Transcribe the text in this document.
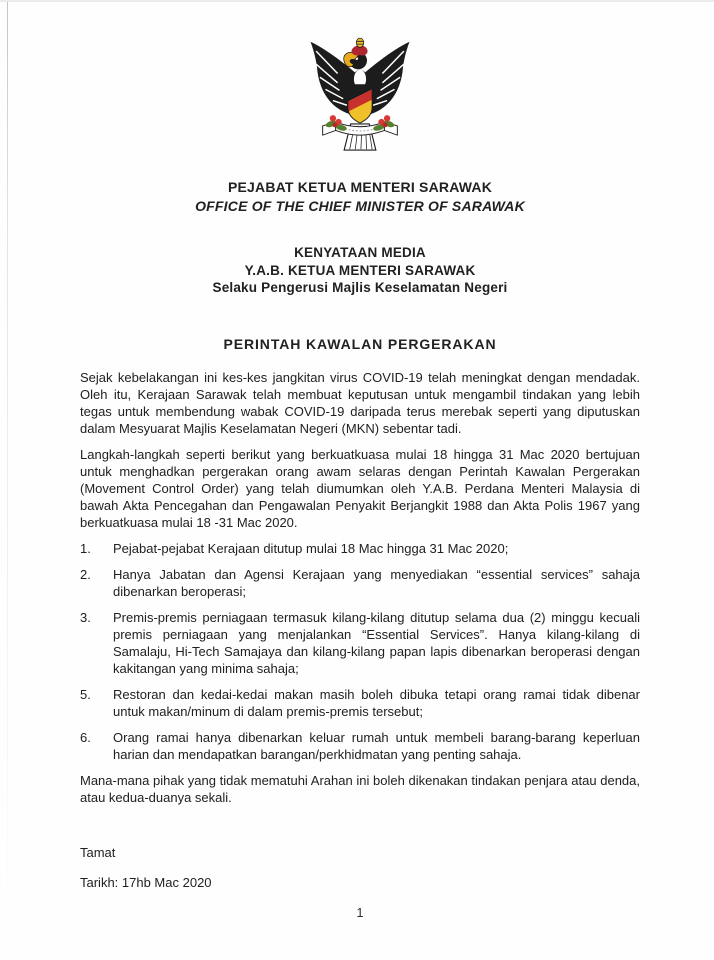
PEJABAT KETUA MENTERI SARAWAK
OFFICE OF THE CHIEF MINISTER OF SARAWAK
KENYATAAN MEDIA
Y.A.B. KETUA MENTERI SARAWAK
Selaku Pengerusi Majlis Keselamatan Negeri
PERINTAH KAWALAN PERGERAKAN

Sejak kebelakangan ini kes-kes jangkitan virus COVID-19 telah meningkat dengan mendadak. Oleh itu, Kerajaan Sarawak telah membuat keputusan untuk mengambil tindakan yang lebih tegas untuk membendung wabak COVID-19 daripada terus merebak seperti yang diputuskan dalam Mesyuarat Majlis Keselamatan Negeri (MKN) sebentar tadi.

Langkah-langkah seperti berikut yang berkuatkuasa mulai 18 hingga 31 Mac 2020 bertujuan untuk menghadkan pergerakan orang awam selaras dengan Perintah Kawalan Pergerakan (Movement Control Order) yang telah diumumkan oleh Y.A.B. Perdana Menteri Malaysia di bawah Akta Pencegahan dan Pengawalan Penyakit Berjangkit 1988 dan Akta Polis 1967 yang berkuatkuasa mulai 18 -31 Mac 2020.

1.	Pejabat-pejabat Kerajaan ditutup mulai 18 Mac hingga 31 Mac 2020;
2.	Hanya Jabatan dan Agensi Kerajaan yang menyediakan “essential services” sahaja dibenarkan beroperasi;
3.	Premis-premis perniagaan termasuk kilang-kilang ditutup selama dua (2) minggu kecuali premis perniagaan yang menjalankan “Essential Services”. Hanya kilang-kilang di Samalaju, Hi-Tech Samajaya dan kilang-kilang papan lapis dibenarkan beroperasi dengan kakitangan yang minima sahaja;
5.	Restoran dan kedai-kedai makan masih boleh dibuka tetapi orang ramai tidak dibenar untuk makan/minum di dalam premis-premis tersebut;
6.	Orang ramai hanya dibenarkan keluar rumah untuk membeli barang-barang keperluan harian dan mendapatkan barangan/perkhidmatan yang penting sahaja.

Mana-mana pihak yang tidak mematuhi Arahan ini boleh dikenakan tindakan penjara atau denda, atau kedua-duanya sekali.

Tamat
Tarikh: 17hb Mac 2020
1
